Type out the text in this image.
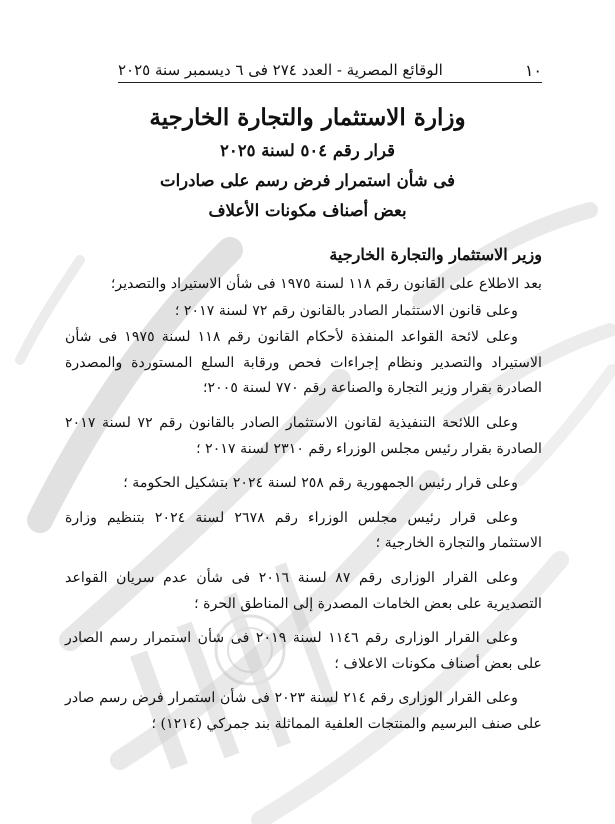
١٠
الوقائع المصرية - العدد ٢٧٤ فى ٦ ديسمبر سنة ٢٠٢٥

وزارة الاستثمار والتجارة الخارجية

قرار رقم ٥٠٤ لسنة ٢٠٢٥

فى شأن استمرار فرض رسم على صادرات

بعض أصناف مكونات الأعلاف

وزير الاستثمار والتجارة الخارجية

بعد الاطلاع على القانون رقم ١١٨ لسنة ١٩٧٥ فى شأن الاستيراد والتصدير؛

وعلى قانون الاستثمار الصادر بالقانون رقم ٧٢ لسنة ٢٠١٧ ؛

وعلى لائحة القواعد المنفذة لأحكام القانون رقم ١١٨ لسنة ١٩٧٥ فى شأن الاستيراد والتصدير ونظام إجراءات فحص ورقابة السلع المستوردة والمصدرة الصادرة بقرار وزير التجارة والصناعة رقم ٧٧٠ لسنة ٢٠٠٥؛

وعلى اللائحة التنفيذية لقانون الاستثمار الصادر بالقانون رقم ٧٢ لسنة ٢٠١٧ الصادرة بقرار رئيس مجلس الوزراء رقم ٢٣١٠ لسنة ٢٠١٧ ؛

وعلى قرار رئيس الجمهورية رقم ٢٥٨ لسنة ٢٠٢٤ بتشكيل الحكومة ؛

وعلى قرار رئيس مجلس الوزراء رقم ٢٦٧٨ لسنة ٢٠٢٤ بتنظيم وزارة الاستثمار والتجارة الخارجية ؛

وعلى القرار الوزارى رقم ٨٧ لسنة ٢٠١٦ فى شأن عدم سريان القواعد التصديرية على بعض الخامات المصدرة إلى المناطق الحرة ؛

وعلى القرار الوزارى رقم ١١٤٦ لسنة ٢٠١٩ فى شأن استمرار رسم الصادر على بعض أصناف مكونات الاعلاف ؛

وعلى القرار الوزارى رقم ٢١٤ لسنة ٢٠٢٣ فى شأن استمرار فرض رسم صادر على صنف البرسيم والمنتجات العلفية المماثلة بند جمركي (١٢١٤) ؛
